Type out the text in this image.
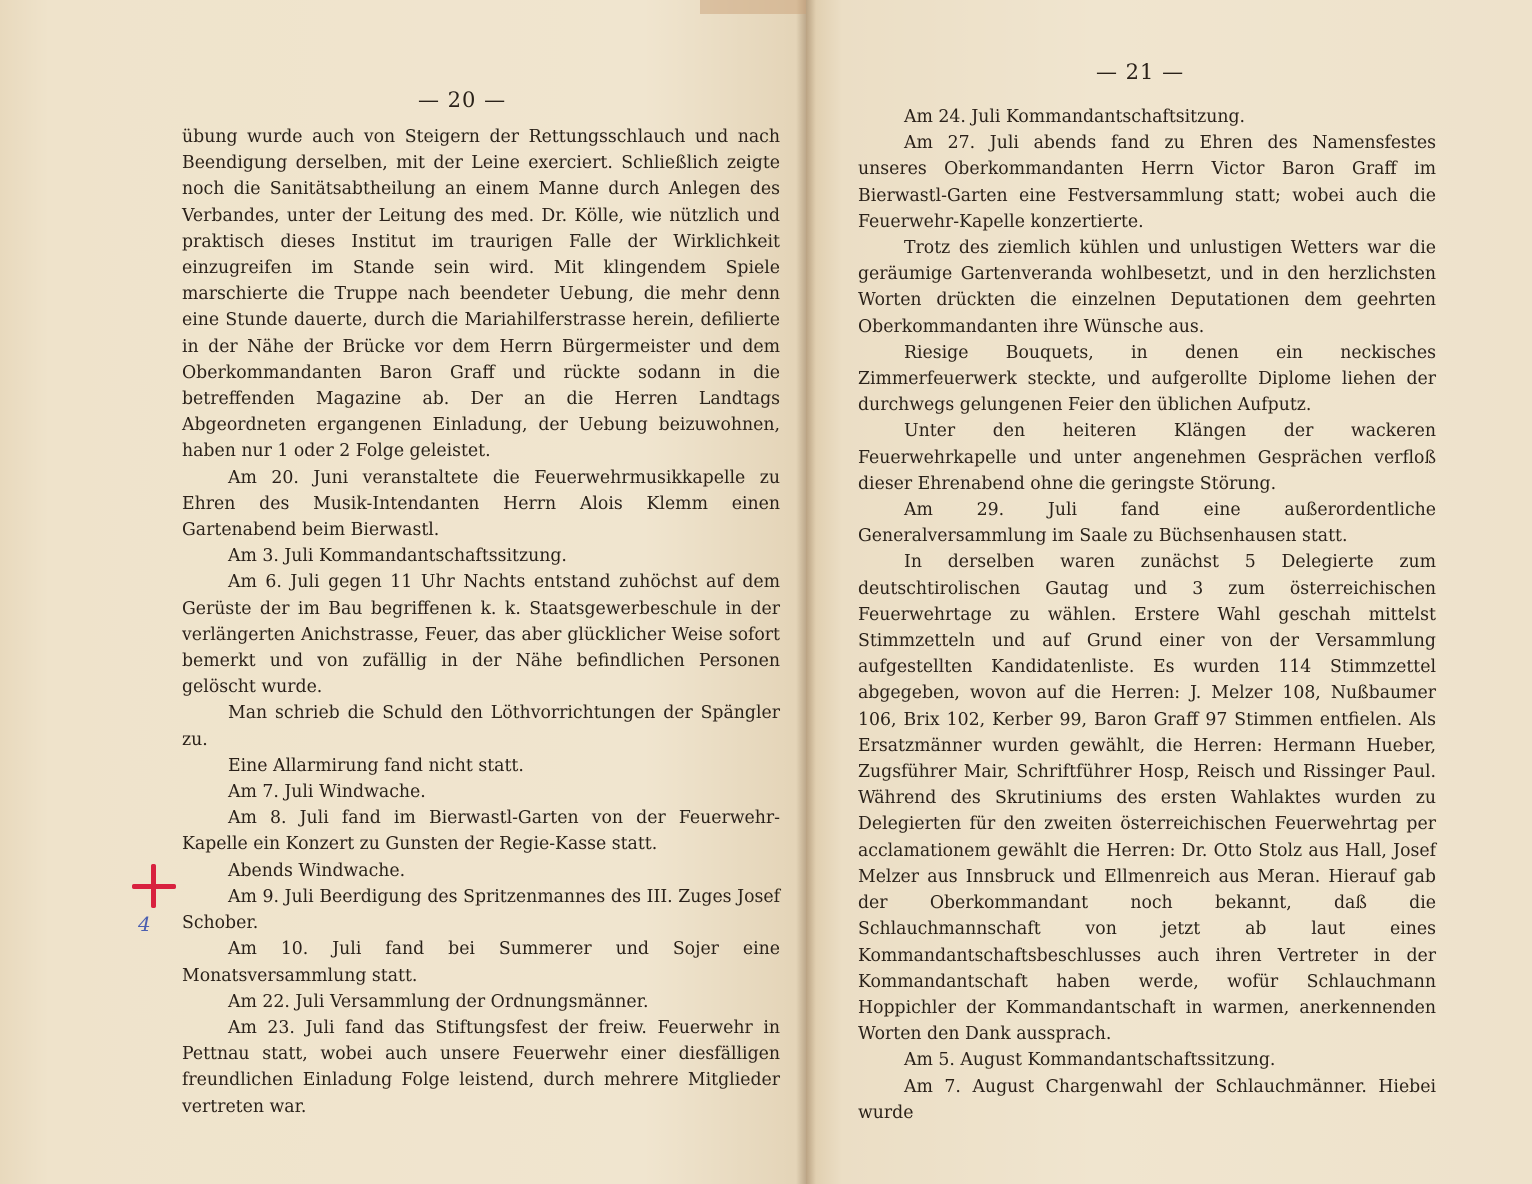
— 20 —

übung wurde auch von Steigern der Rettungsschlauch und nach Beendigung derselben, mit der Leine exerciert. Schließlich zeigte noch die Sanitätsabtheilung an einem Manne durch Anlegen des Verbandes, unter der Leitung des med. Dr. Kölle, wie nützlich und praktisch dieses Institut im traurigen Falle der Wirklichkeit einzugreifen im Stande sein wird. Mit klingendem Spiele marschierte die Truppe nach beendeter Uebung, die mehr denn eine Stunde dauerte, durch die Mariahilferstrasse herein, defilierte in der Nähe der Brücke vor dem Herrn Bürgermeister und dem Oberkommandanten Baron Graff und rückte sodann in die betreffenden Magazine ab. Der an die Herren Landtags Abgeordneten ergangenen Einladung, der Uebung beizuwohnen, haben nur 1 oder 2 Folge geleistet.

Am 20. Juni veranstaltete die Feuerwehrmusikkapelle zu Ehren des Musik-Intendanten Herrn Alois Klemm einen Gartenabend beim Bierwastl.

Am 3. Juli Kommandantschaftssitzung.

Am 6. Juli gegen 11 Uhr Nachts entstand zuhöchst auf dem Gerüste der im Bau begriffenen k. k. Staatsgewerbeschule in der verlängerten Anichstrasse, Feuer, das aber glücklicher Weise sofort bemerkt und von zufällig in der Nähe befindlichen Personen gelöscht wurde.

Man schrieb die Schuld den Löthvorrichtungen der Spängler zu.

Eine Allarmirung fand nicht statt.

Am 7. Juli Windwache.

Am 8. Juli fand im Bierwastl-Garten von der Feuerwehr-Kapelle ein Konzert zu Gunsten der Regie-Kasse statt.

Abends Windwache.

Am 9. Juli Beerdigung des Spritzenmannes des III. Zuges Josef Schober.

Am 10. Juli fand bei Summerer und Sojer eine Monatsversammlung statt.

Am 22. Juli Versammlung der Ordnungsmänner.

Am 23. Juli fand das Stiftungsfest der freiw. Feuerwehr in Pettnau statt, wobei auch unsere Feuerwehr einer diesfälligen freundlichen Einladung Folge leistend, durch mehrere Mitglieder vertreten war.

4
— 21 —

Am 24. Juli Kommandantschaftsitzung.

Am 27. Juli abends fand zu Ehren des Namensfestes unseres Oberkommandanten Herrn Victor Baron Graff im Bierwastl-Garten eine Festversammlung statt; wobei auch die Feuerwehr-Kapelle konzertierte.

Trotz des ziemlich kühlen und unlustigen Wetters war die geräumige Gartenveranda wohlbesetzt, und in den herzlichsten Worten drückten die einzelnen Deputationen dem geehrten Oberkommandanten ihre Wünsche aus.

Riesige Bouquets, in denen ein neckisches Zimmerfeuerwerk steckte, und aufgerollte Diplome liehen der durchwegs gelungenen Feier den üblichen Aufputz.

Unter den heiteren Klängen der wackeren Feuerwehrkapelle und unter angenehmen Gesprächen verfloß dieser Ehrenabend ohne die geringste Störung.

Am 29. Juli fand eine außerordentliche Generalversammlung im Saale zu Büchsenhausen statt.

In derselben waren zunächst 5 Delegierte zum deutschtirolischen Gautag und 3 zum österreichischen Feuerwehrtage zu wählen. Erstere Wahl geschah mittelst Stimmzetteln und auf Grund einer von der Versammlung aufgestellten Kandidatenliste. Es wurden 114 Stimmzettel abgegeben, wovon auf die Herren: J. Melzer 108, Nußbaumer 106, Brix 102, Kerber 99, Baron Graff 97 Stimmen entfielen. Als Ersatzmänner wurden gewählt, die Herren: Hermann Hueber, Zugsführer Mair, Schriftführer Hosp, Reisch und Rissinger Paul. Während des Skrutiniums des ersten Wahlaktes wurden zu Delegierten für den zweiten österreichischen Feuerwehrtag per acclamationem gewählt die Herren: Dr. Otto Stolz aus Hall, Josef Melzer aus Innsbruck und Ellmenreich aus Meran. Hierauf gab der Oberkommandant noch bekannt, daß die Schlauchmannschaft von jetzt ab laut eines Kommandantschaftsbeschlusses auch ihren Vertreter in der Kommandantschaft haben werde, wofür Schlauchmann Hoppichler der Kommandantschaft in warmen, anerkennenden Worten den Dank aussprach.

Am 5. August Kommandantschaftssitzung.

Am 7. August Chargenwahl der Schlauchmänner. Hiebei wurde
